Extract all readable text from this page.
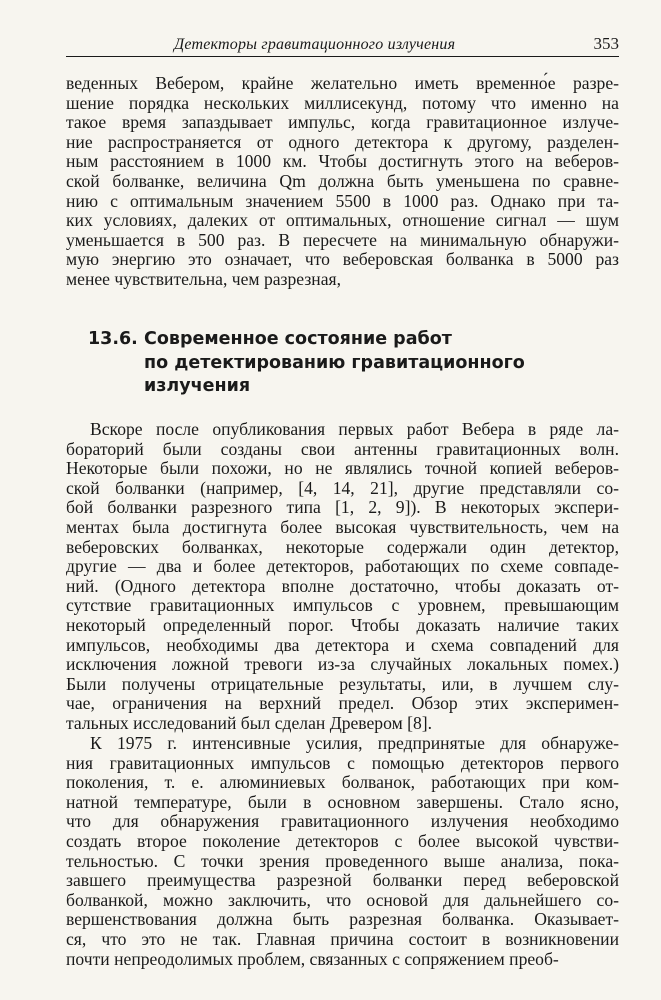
Детекторы гравитационного излучения	353
веденных Вебером, крайне желательно иметь временно́е разре-
шение порядка нескольких миллисекунд, потому что именно на
такое время запаздывает импульс, когда гравитационное излуче-
ние распространяется от одного детектора к другому, разделен-
ным расстоянием в 1000 км. Чтобы достигнуть этого на веберов-
ской болванке, величина Qm должна быть уменьшена по сравне-
нию с оптимальным значением 5500 в 1000 раз. Однако при та-
ких условиях, далеких от оптимальных, отношение сигнал — шум
уменьшается в 500 раз. В пересчете на минимальную обнаружи-
мую энергию это означает, что веберовская болванка в 5000 раз
менее чувствительна, чем разрезная,
13.6. Современное состояние работ
по детектированию гравитационного
излучения
Вскоре после опубликования первых работ Вебера в ряде ла-
бораторий были созданы свои антенны гравитационных волн.
Некоторые были похожи, но не являлись точной копией веберов-
ской болванки (например, [4, 14, 21], другие представляли со-
бой болванки разрезного типа [1, 2, 9]). В некоторых экспери-
ментах была достигнута более высокая чувствительность, чем на
веберовских болванках, некоторые содержали один детектор,
другие — два и более детекторов, работающих по схеме совпаде-
ний. (Одного детектора вполне достаточно, чтобы доказать от-
сутствие гравитационных импульсов с уровнем, превышающим
некоторый определенный порог. Чтобы доказать наличие таких
импульсов, необходимы два детектора и схема совпадений для
исключения ложной тревоги из-за случайных локальных помех.)
Были получены отрицательные результаты, или, в лучшем слу-
чае, ограничения на верхний предел. Обзор этих эксперимен-
тальных исследований был сделан Древером [8].
К 1975 г. интенсивные усилия, предпринятые для обнаруже-
ния гравитационных импульсов с помощью детекторов первого
поколения, т. е. алюминиевых болванок, работающих при ком-
натной температуре, были в основном завершены. Стало ясно,
что для обнаружения гравитационного излучения необходимо
создать второе поколение детекторов с более высокой чувстви-
тельностью. С точки зрения проведенного выше анализа, пока-
завшего преимущества разрезной болванки перед веберовской
болванкой, можно заключить, что основой для дальнейшего со-
вершенствования должна быть разрезная болванка. Оказывает-
ся, что это не так. Главная причина состоит в возникновении
почти непреодолимых проблем, связанных с сопряжением преоб-
